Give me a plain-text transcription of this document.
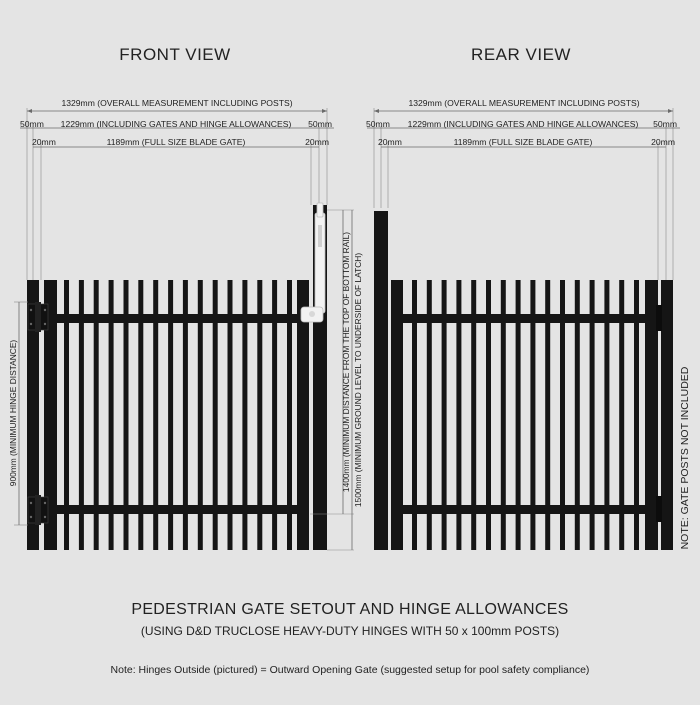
FRONT VIEW
1329mm (OVERALL MEASUREMENT INCLUDING POSTS)
1229mm (INCLUDING GATES AND HINGE ALLOWANCES)
50mm	50mm
1189mm (FULL SIZE BLADE GATE)
20mm	20mm
900mm (MINIMUM HINGE DISTANCE)	1400mm (MINIMUM DISTANCE FROM THE TOP OF BOTTOM RAIL) 1500mm (MINIMUM GROUND LEVEL TO UNDERSIDE OF LATCH)
REAR VIEW
1329mm (OVERALL MEASUREMENT INCLUDING POSTS)
1229mm (INCLUDING GATES AND HINGE ALLOWANCES)
50mm	50mm
1189mm (FULL SIZE BLADE GATE)
20mm	20mm
NOTE: GATE POSTS NOT INCLUDED
PEDESTRIAN GATE SETOUT AND HINGE ALLOWANCES
(USING D&D TRUCLOSE HEAVY-DUTY HINGES WITH 50 x 100mm POSTS)
Note: Hinges Outside (pictured) = Outward Opening Gate (suggested setup for pool safety compliance)
